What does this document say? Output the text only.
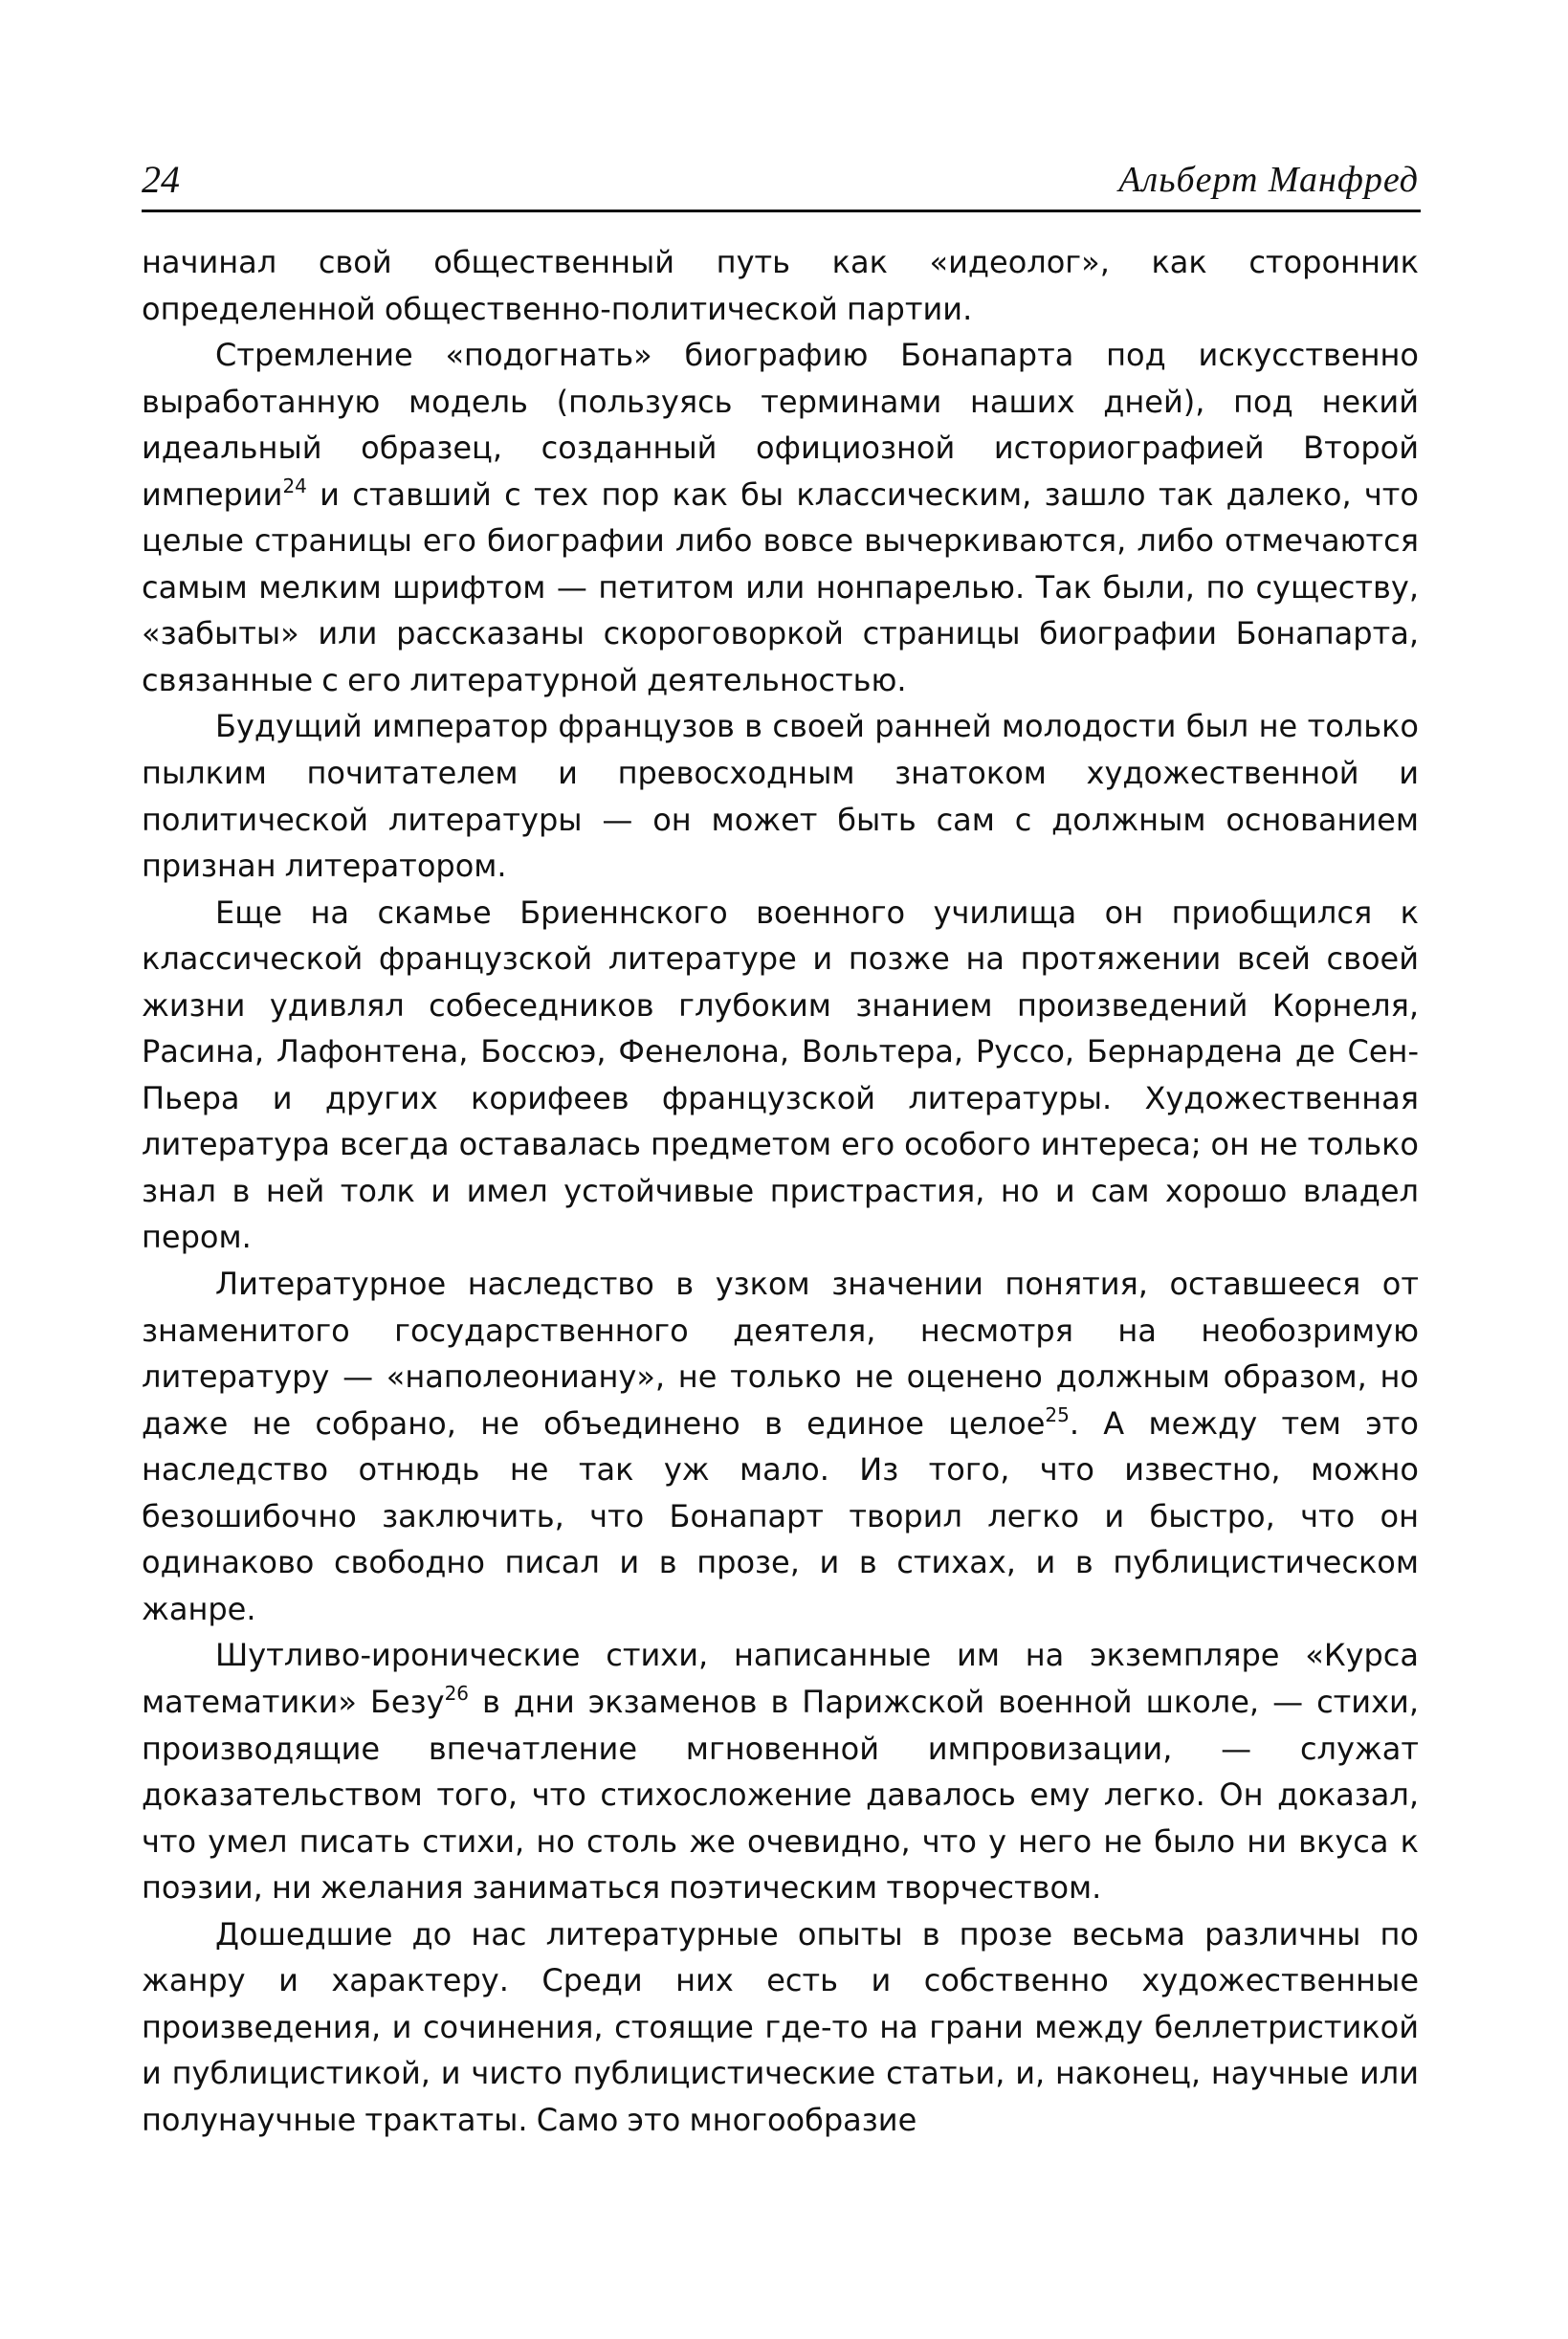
24	Альберт Манфред

начинал свой общественный путь как «идеолог», как сторонник определенной общественно-политической партии.

Стремление «подогнать» биографию Бонапарта под искусственно выработанную модель (пользуясь терминами наших дней), под некий идеальный образец, созданный официозной историографией Второй империи$^{24}$ и ставший с тех пор как бы классическим, зашло так далеко, что целые страницы его биографии либо вовсе вычеркиваются, либо отмечаются самым мелким шрифтом — петитом или нонпарелью. Так были, по существу, «забыты» или рассказаны скороговоркой страницы биографии Бонапарта, связанные с его литературной деятельностью.

Будущий император французов в своей ранней молодости был не только пылким почитателем и превосходным знатоком художественной и политической литературы — он может быть сам с должным основанием признан литератором.

Еще на скамье Бриеннского военного училища он приобщился к классической французской литературе и позже на протяжении всей своей жизни удивлял собеседников глубоким знанием произведений Корнеля, Расина, Лафонтена, Боссюэ, Фенелона, Вольтера, Руссо, Бернардена де Сен-Пьера и других корифеев французской литературы. Художественная литература всегда оставалась предметом его особого интереса; он не только знал в ней толк и имел устойчивые пристрастия, но и сам хорошо владел пером.

Литературное наследство в узком значении понятия, оставшееся от знаменитого государственного деятеля, несмотря на необозримую литературу — «наполеониану», не только не оценено должным образом, но даже не собрано, не объединено в единое целое$^{25}$. А между тем это наследство отнюдь не так уж мало. Из того, что известно, можно безошибочно заключить, что Бонапарт творил легко и быстро, что он одинаково свободно писал и в прозе, и в стихах, и в публицистическом жанре.

Шутливо-иронические стихи, написанные им на экземпляре «Курса математики» Безу$^{26}$ в дни экзаменов в Парижской военной школе, — стихи, производящие впечатление мгновенной импровизации, — служат доказательством того, что стихосложение давалось ему легко. Он доказал, что умел писать стихи, но столь же очевидно, что у него не было ни вкуса к поэзии, ни желания заниматься поэтическим творчеством.

Дошедшие до нас литературные опыты в прозе весьма различны по жанру и характеру. Среди них есть и собственно художественные произведения, и сочинения, стоящие где-то на грани между беллетристикой и публицистикой, и чисто публицистические статьи, и, наконец, научные или полунаучные трактаты. Само это многообразие
